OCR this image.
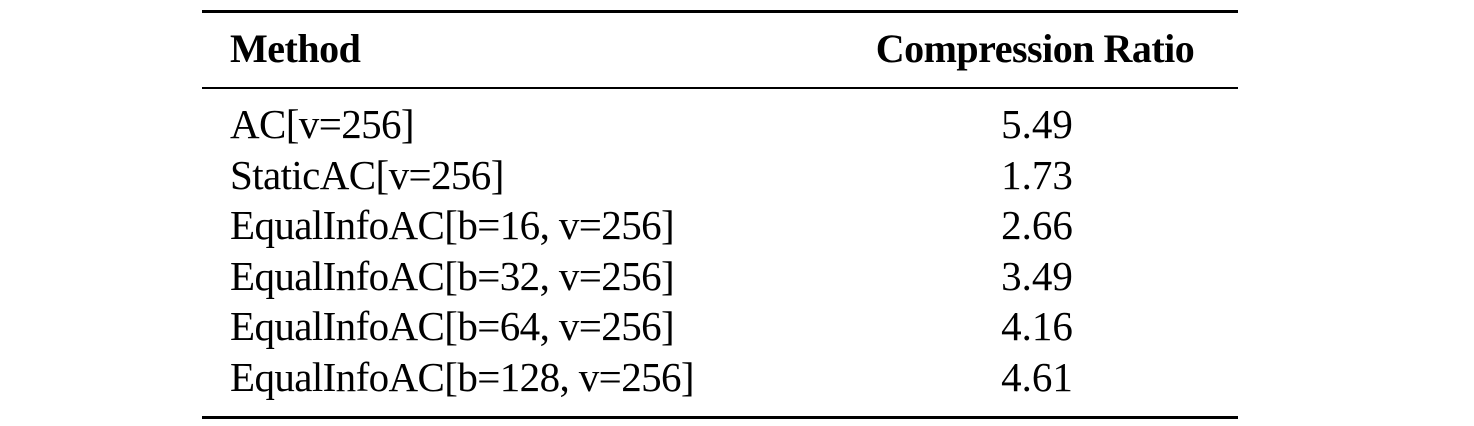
Method	Compression Ratio
AC[v=256]	5.49
StaticAC[v=256]	1.73
EqualInfoAC[b=16, v=256]	2.66
EqualInfoAC[b=32, v=256]	3.49
EqualInfoAC[b=64, v=256]	4.16
EqualInfoAC[b=128, v=256]	4.61
